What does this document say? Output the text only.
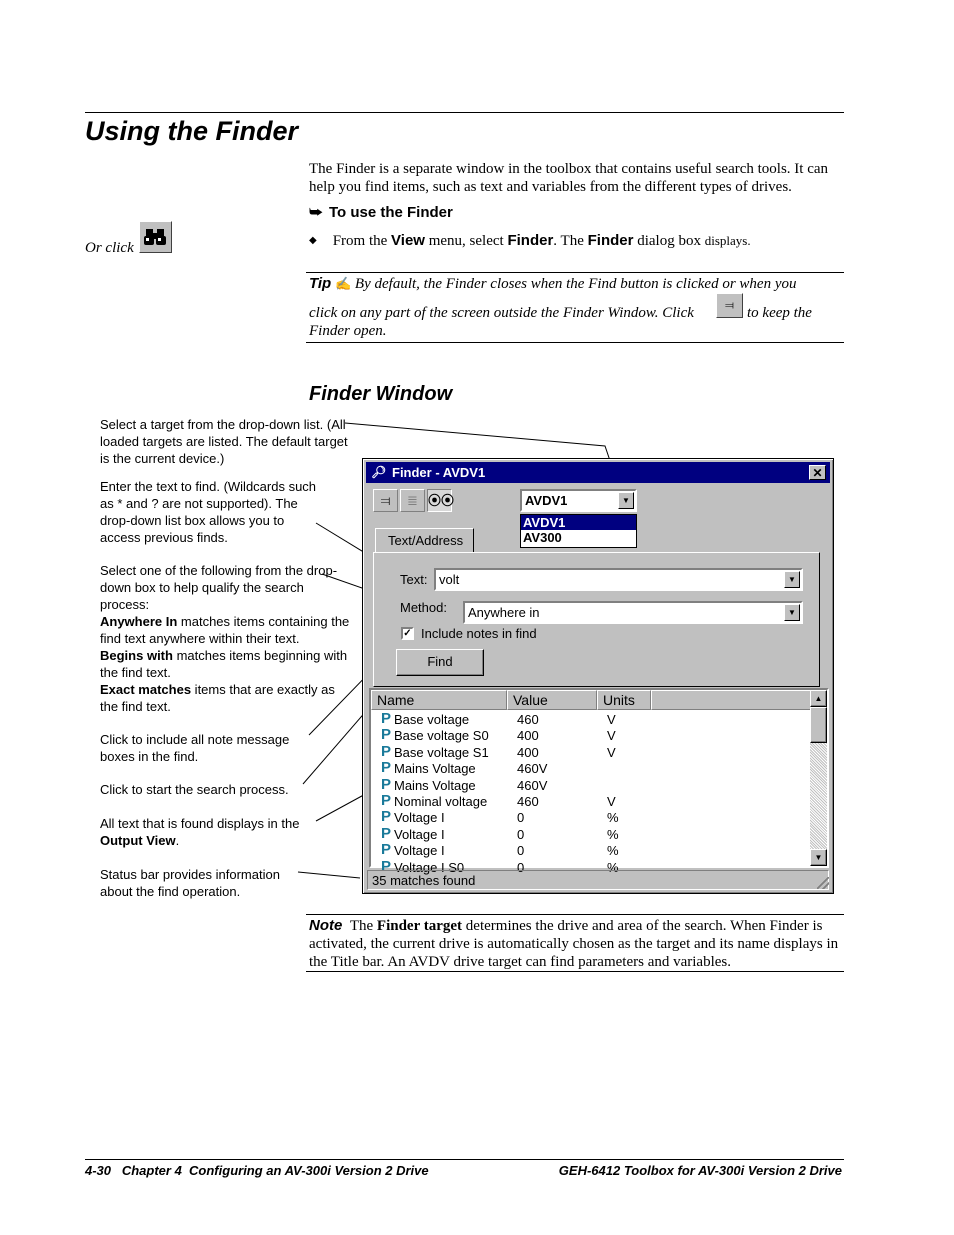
Using the Finder
The Finder is a separate window in the toolbox that contains useful search tools. It can help you find items, such as text and variables from the different types of drives.
⮩ To use the Finder
Or click	◆ From the View menu, select Finder. The Finder dialog box displays.
Tip ✍ By default, the Finder closes when the Find button is clicked or when you
click on any part of the screen outside the Finder Window. Click	⫤ to keep the
Finder open.
Finder Window
Select a target from the drop-down list. (All loaded targets are listed. The default target is the current device.)
Enter the text to find. (Wildcards such as * and ? are not supported). The drop-down list box allows you to access previous finds.
Select one of the following from the drop-down box to help qualify the search process:
Anywhere In matches items containing the find text anywhere within their text.
Begins with matches items beginning with the find text.
Exact matches items that are exactly as the find text.
Click to include all note message boxes in the find.
Click to start the search process.
All text that is found displays in the Output View.
Status bar provides information about the find operation.
🔎︎ Finder - AVDV1	✕
⫤	≣ ⦿⦿	AVDV1	▼
AVDV1
AV300
Text/Address
Text: volt	▼
Method: Anywhere in	▼
✓ Include notes in find
Find
Name	Value	Units
P Base voltage	460	V
P Base voltage S0 400	V
P Base voltage S1 400	V
P Mains Voltage	460V
P Mains Voltage	460V
P Nominal voltage 460	V
P Voltage I	0	%
P Voltage I	0	%
P Voltage I	0	%
P Voltage I S0	0	%
▲
▼
35 matches found
Note The Finder target determines the drive and area of the search. When Finder is activated, the current drive is automatically chosen as the target and its name displays in the Title bar. An AVDV drive target can find parameters and variables.
4-30   Chapter 4  Configuring an AV-300i Version 2 Drive	GEH-6412 Toolbox for AV-300i Version 2 Drive
